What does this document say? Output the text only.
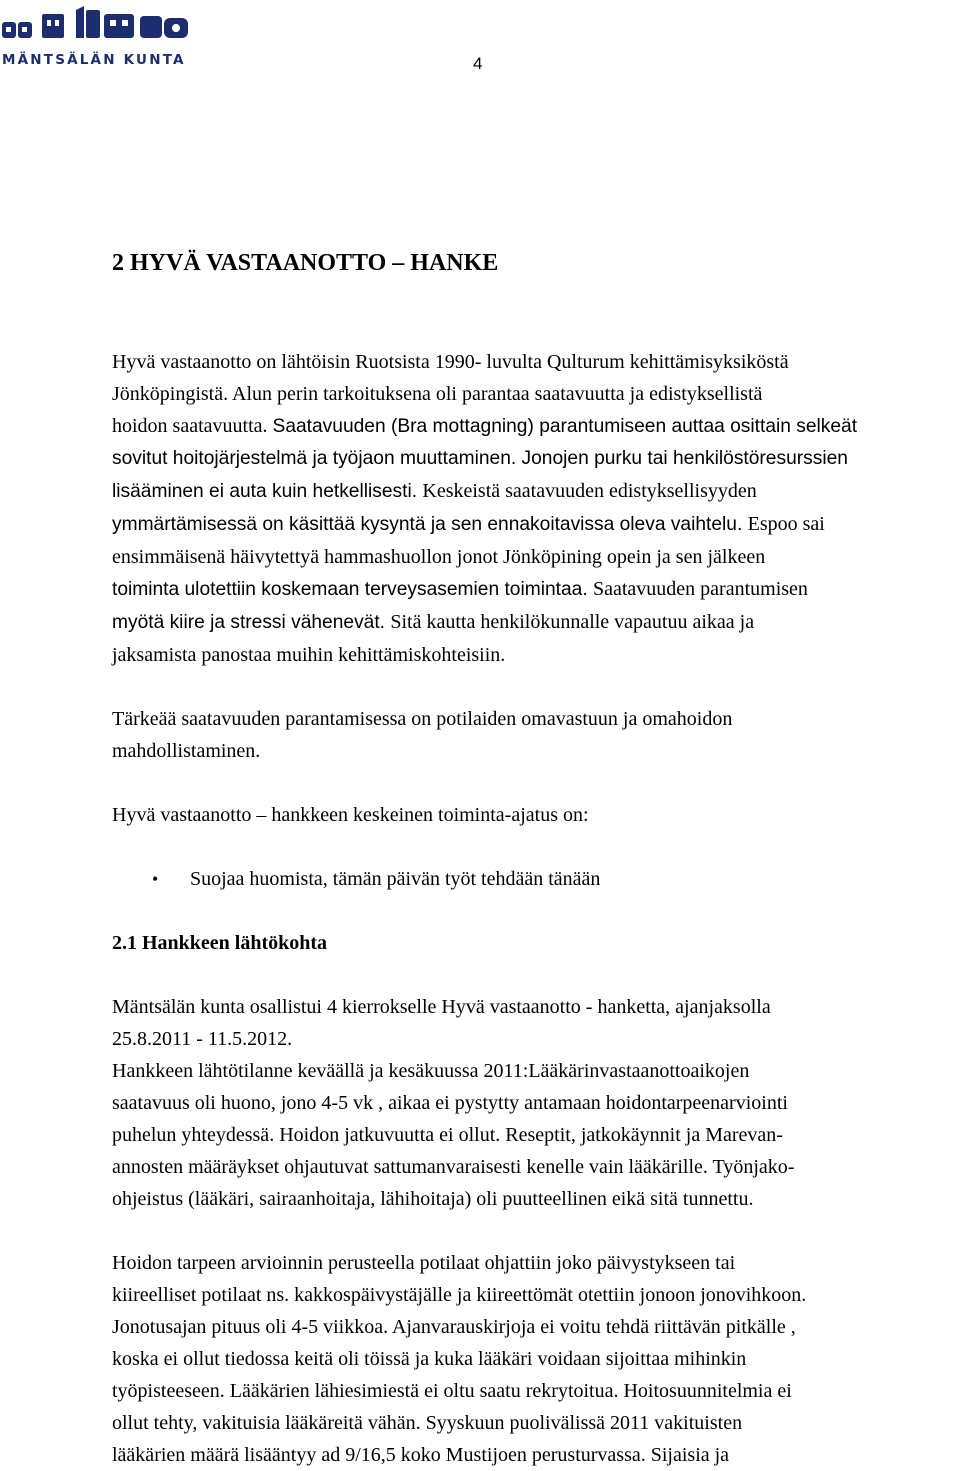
MÄNTSÄLÄN KUNTA	4
2 HYVÄ VASTAANOTTO – HANKE
Hyvä vastaanotto on lähtöisin Ruotsista 1990- luvulta Qulturum kehittämisyksiköstä
Jönköpingistä. Alun perin tarkoituksena oli parantaa saatavuutta ja edistyksellistä
hoidon saatavuutta. Saatavuuden (Bra mottagning) parantumiseen auttaa osittain selkeät
sovitut hoitojärjestelmä ja työjaon muuttaminen. Jonojen purku tai henkilöstöresurssien
lisääminen ei auta kuin hetkellisesti. Keskeistä saatavuuden edistyksellisyyden
ymmärtämisessä on käsittää kysyntä ja sen ennakoitavissa oleva vaihtelu. Espoo sai
ensimmäisenä häivytettyä hammashuollon jonot Jönköpining opein ja sen jälkeen
toiminta ulotettiin koskemaan terveysasemien toimintaa. Saatavuuden parantumisen
myötä kiire ja stressi vähenevät. Sitä kautta henkilökunnalle vapautuu aikaa ja
jaksamista panostaa muihin kehittämiskohteisiin.
Tärkeää saatavuuden parantamisessa on potilaiden omavastuun ja omahoidon
mahdollistaminen.
Hyvä vastaanotto – hankkeen keskeinen toiminta-ajatus on:
•	Suojaa huomista, tämän päivän työt tehdään tänään
2.1 Hankkeen lähtökohta
Mäntsälän kunta osallistui 4 kierrokselle Hyvä vastaanotto - hanketta, ajanjaksolla
25.8.2011 - 11.5.2012.
Hankkeen lähtötilanne keväällä ja kesäkuussa 2011:Lääkärinvastaanottoaikojen
saatavuus oli huono, jono 4-5 vk , aikaa ei pystytty antamaan hoidontarpeenarviointi
puhelun yhteydessä. Hoidon jatkuvuutta ei ollut. Reseptit, jatkokäynnit ja Marevan-
annosten määräykset ohjautuvat sattumanvaraisesti kenelle vain lääkärille. Työnjako-
ohjeistus (lääkäri, sairaanhoitaja, lähihoitaja) oli puutteellinen eikä sitä tunnettu.
Hoidon tarpeen arvioinnin perusteella potilaat ohjattiin joko päivystykseen tai
kiireelliset potilaat ns. kakkospäivystäjälle ja kiireettömät otettiin jonoon jonovihkoon.
Jonotusajan pituus oli 4-5 viikkoa. Ajanvarauskirjoja ei voitu tehdä riittävän pitkälle ,
koska ei ollut tiedossa keitä oli töissä ja kuka lääkäri voidaan sijoittaa mihinkin
työpisteeseen. Lääkärien lähiesimiestä ei oltu saatu rekrytoitua. Hoitosuunnitelmia ei
ollut tehty, vakituisia lääkäreitä vähän. Syyskuun puolivälissä 2011 vakituisten
lääkärien määrä lisääntyy ad 9/16,5 koko Mustijoen perusturvassa. Sijaisia ja
